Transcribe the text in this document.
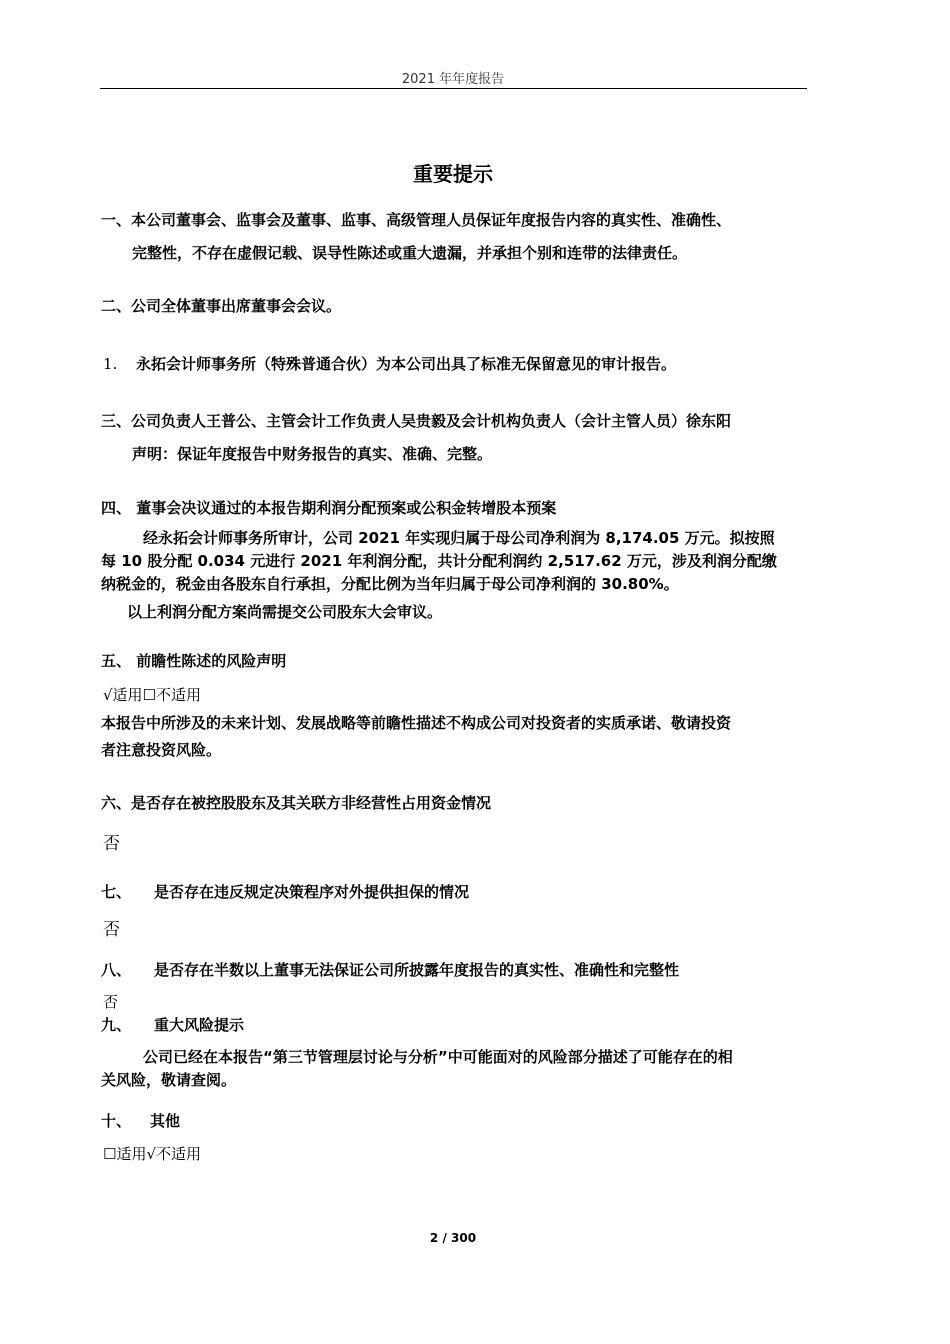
2021 年年度报告
重要提示
一、本公司董事会、监事会及董事、监事、高级管理人员保证年度报告内容的真实性、准确性、
完整性，不存在虚假记载、误导性陈述或重大遗漏，并承担个别和连带的法律责任。
二、公司全体董事出席董事会会议。
1. 永拓会计师事务所（特殊普通合伙）为本公司出具了标准无保留意见的审计报告。
三、公司负责人王普公、主管会计工作负责人吴贵毅及会计机构负责人（会计主管人员）徐东阳
声明：保证年度报告中财务报告的真实、准确、完整。
四、 董事会决议通过的本报告期利润分配预案或公积金转增股本预案
经永拓会计师事务所审计，公司 2021 年实现归属于母公司净利润为 8,174.05 万元。拟按照
每 10 股分配 0.034 元进行 2021 年利润分配，共计分配利润约 2,517.62 万元，涉及利润分配缴
纳税金的，税金由各股东自行承担，分配比例为当年归属于母公司净利润的 30.80%。
以上利润分配方案尚需提交公司股东大会审议。
五、 前瞻性陈述的风险声明
√适用☐不适用
本报告中所涉及的未来计划、发展战略等前瞻性描述不构成公司对投资者的实质承诺、敬请投资
者注意投资风险。
六、是否存在被控股股东及其关联方非经营性占用资金情况
否
七、 是否存在违反规定决策程序对外提供担保的情况
否
八、 是否存在半数以上董事无法保证公司所披露年度报告的真实性、准确性和完整性
否
九、 重大风险提示
公司已经在本报告“第三节管理层讨论与分析”中可能面对的风险部分描述了可能存在的相
关风险，敬请查阅。
十、 其他
☐适用√不适用
2 / 300
